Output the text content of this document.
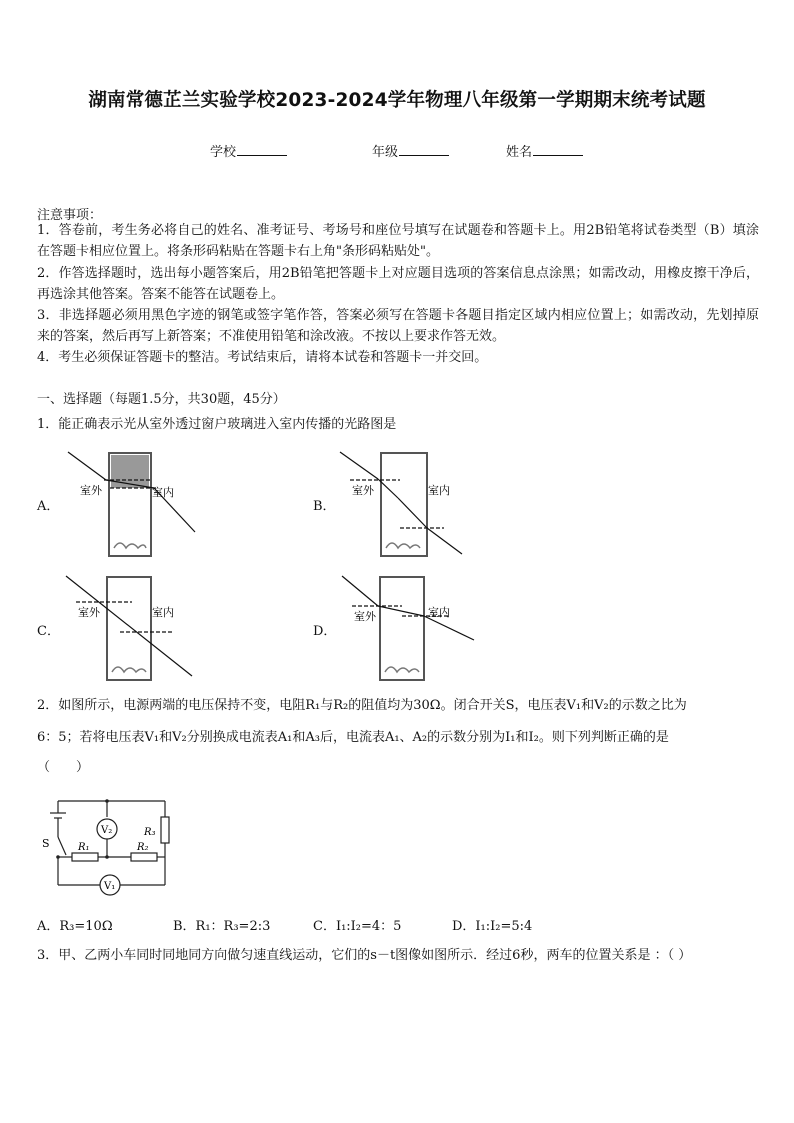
湖南常德芷兰实验学校2023-2024学年物理八年级第一学期期末统考试题
学校	年级	姓名
注意事项：
1．答卷前，考生务必将自己的姓名、准考证号、考场号和座位号填写在试题卷和答题卡上。用2B铅笔将试卷类型（B）填涂在答题卡相应位置上。将条形码粘贴在答题卡右上角"条形码粘贴处"。
2．作答选择题时，选出每小题答案后，用2B铅笔把答题卡上对应题目选项的答案信息点涂黑；如需改动，用橡皮擦干净后，再选涂其他答案。答案不能答在试题卷上。
3．非选择题必须用黑色字迹的钢笔或签字笔作答，答案必须写在答题卡各题目指定区域内相应位置上；如需改动，先划掉原来的答案，然后再写上新答案；不准使用铅笔和涂改液。不按以上要求作答无效。
4．考生必须保证答题卡的整洁。考试结束后，请将本试卷和答题卡一并交回。
一、选择题（每题1.5分，共30题，45分）
1．能正确表示光从室外透过窗户玻璃进入室内传播的光路图是
A．	B．
C．	D．
室外	室内	室外	室内
室外	室内	室外	室内
2．如图所示，电源两端的电压保持不变，电阻R₁与R₂的阻值均为30Ω。闭合开关S，电压表V₁和V₂的示数之比为
6：5；若将电压表V₁和V₂分别换成电流表A₁和A₃后，电流表A₁、A₂的示数分别为I₁和I₂。则下列判断正确的是
（　　）
S	R₁	R₂
R₃
V₂
V₁
A．R₃=10Ω	B．R₁：R₃=2:3	C．I₁:I₂=4：5	D．I₁:I₂=5:4
3．甲、乙两小车同时同地同方向做匀速直线运动，它们的s－t图像如图所示．经过6秒，两车的位置关系是 ：（ ）
